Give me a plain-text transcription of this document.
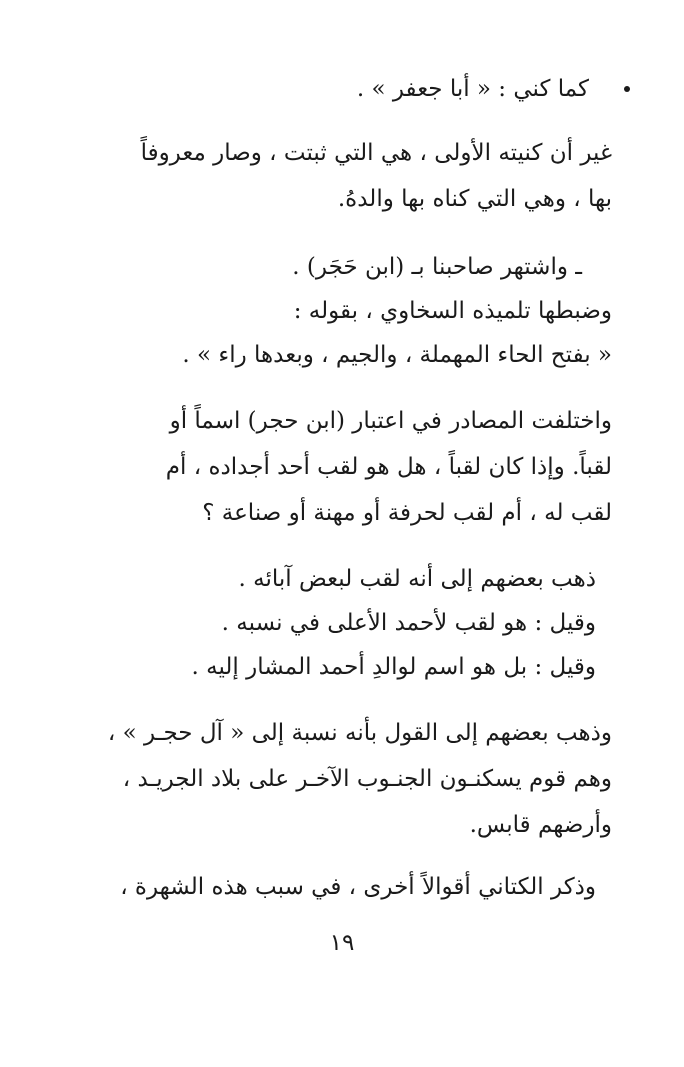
كما كني : « أبا جعفر » .
غير أن كنيته الأولى ، هي التي ثبتت ، وصار معروفاً
بها ، وهي التي كناه بها والدهُ.
ـ واشتهر صاحبنا بـ (ابن حَجَر) .
وضبطها تلميذه السخاوي ، بقوله :
« بفتح الحاء المهملة ، والجيم ، وبعدها راء » .
واختلفت المصادر في اعتبار (ابن حجر) اسماً أو
لقباً. وإذا كان لقباً ، هل هو لقب أحد أجداده ، أم
لقب له ، أم لقب لحرفة أو مهنة أو صناعة ؟
ذهب بعضهم إلى أنه لقب لبعض آبائه .
وقيل : هو لقب لأحمد الأعلى في نسبه .
وقيل : بل هو اسم لوالدِ أحمد المشار إليه .
وذهب بعضهم إلى القول بأنه نسبة إلى « آل حجـر » ،
وهم قوم يسكنـون الجنـوب الآخـر على بلاد الجريـد ،
وأرضهم قابس.
وذكر الكتاني أقوالاً أخرى ، في سبب هذه الشهرة ،
١٩
